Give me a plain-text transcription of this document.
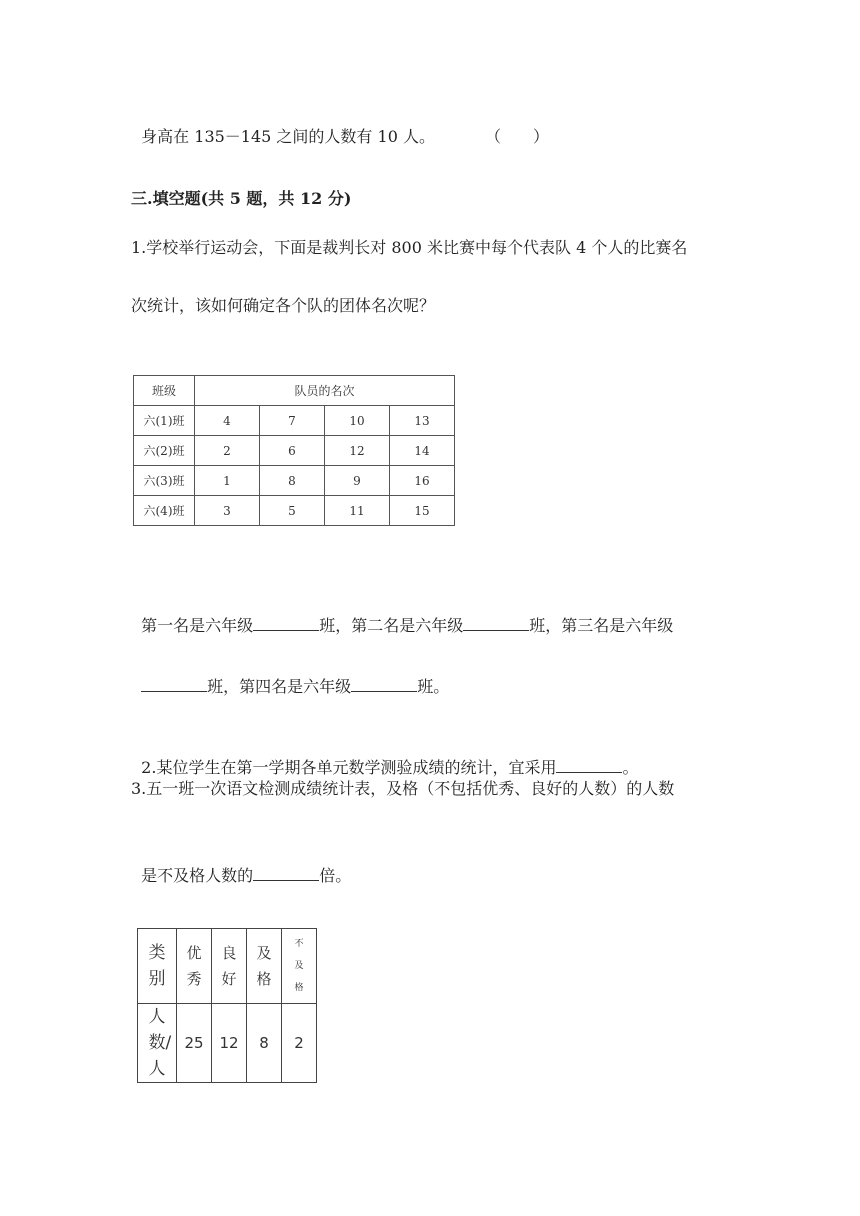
身高在 135－145 之间的人数有 10 人。	（　　）

三.填空题(共 5 题，共 12 分)
1.学校举行运动会，下面是裁判长对 800 米比赛中每个代表队 4 个人的比赛名
次统计，该如何确定各个队的团体名次呢？
班级	队员的名次			
六(1)班	4	7	10	13
六(2)班	2	6	12	14
六(3)班	1	8	9	16
六(4)班	3	5	11	15

第一名是六年级	班，第二名是六年级	班，第三名是六年级

班，第四名是六年级	班。

2.某位学生在第一学期各单元数学测验成绩的统计，宜采用	。

3.五一班一次语文检测成绩统计表，及格（不包括优秀、良好的人数）的人数

是不及格人数的	倍。

类别	优秀	良好	及格	不及格
人数/人	25	12	8	2
